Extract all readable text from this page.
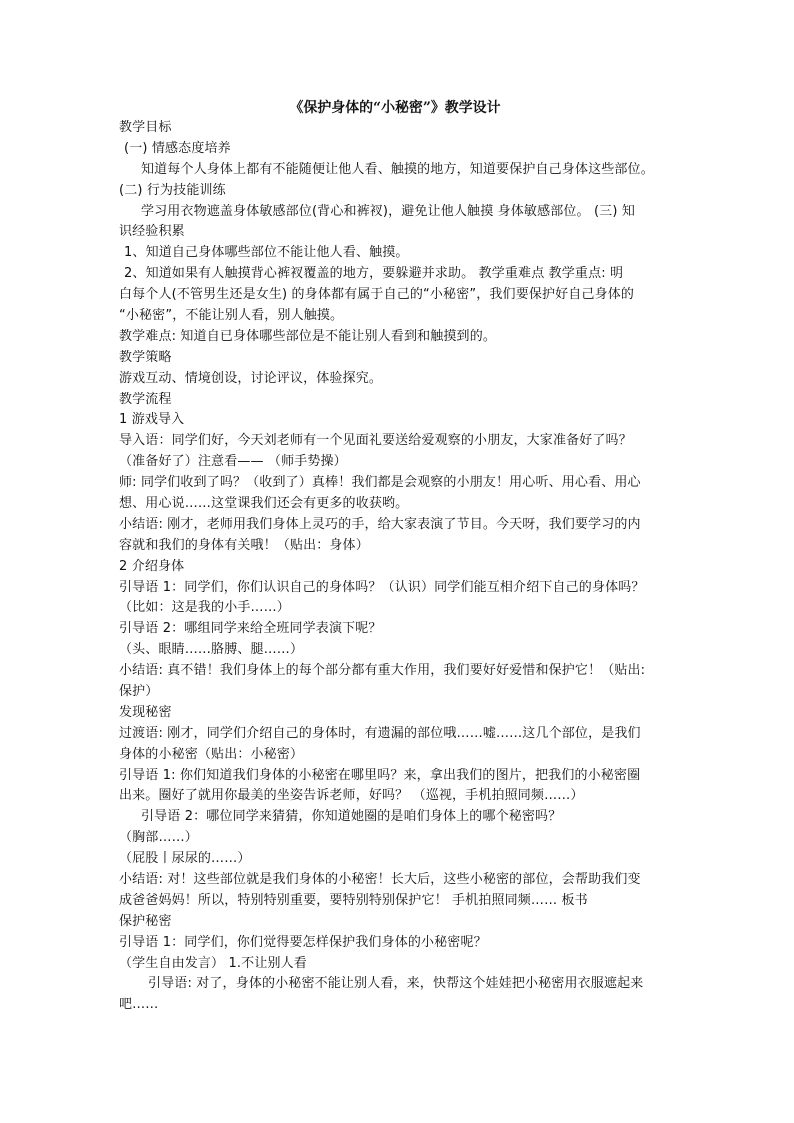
《保护身体的“小秘密”》教学设计
教学目标
(一) 情感态度培养
知道每个人身体上都有不能随便让他人看、触摸的地方，知道要保护自己身体这些部位。
(二) 行为技能训练
学习用衣物遮盖身体敏感部位(背心和裤衩)，避免让他人触摸 身体敏感部位。 (三) 知
识经验积累
1、知道自己身体哪些部位不能让他人看、触摸。
2、知道如果有人触摸背心裤衩覆盖的地方，要躲避并求助。 教学重难点 教学重点: 明
白每个人(不管男生还是女生) 的身体都有属于自己的“小秘密”，我们要保护好自己身体的
“小秘密”，不能让别人看，别人触摸。
教学难点: 知道自已身体哪些部位是不能让别人看到和触摸到的。
教学策略
游戏互动、情境创设，讨论评议，体验探究。
教学流程
1 游戏导入
导入语：同学们好，今天刘老师有一个见面礼要送给爱观察的小朋友，大家准备好了吗？
（准备好了）注意看—— （师手势操）
师: 同学们收到了吗？（收到了）真棒！我们都是会观察的小朋友！用心听、用心看、用心
想、用心说……这堂课我们还会有更多的收获哟。
小结语: 刚才，老师用我们身体上灵巧的手，给大家表演了节目。今天呀，我们要学习的内
容就和我们的身体有关哦！（贴出：身体）
2 介绍身体
引导语 1：同学们，你们认识自己的身体吗？（认识）同学们能互相介绍下自己的身体吗？
（比如：这是我的小手……）
引导语 2：哪组同学来给全班同学表演下呢？
（头、眼睛……胳膊、腿……）
小结语: 真不错！我们身体上的每个部分都有重大作用，我们要好好爱惜和保护它！（贴出:
保护）
发现秘密
过渡语: 刚才，同学们介绍自己的身体时，有遗漏的部位哦……嘘……这几个部位，是我们
身体的小秘密（贴出：小秘密）
引导语 1: 你们知道我们身体的小秘密在哪里吗？来，拿出我们的图片，把我们的小秘密圈
出来。圈好了就用你最美的坐姿告诉老师，好吗？ （巡视，手机拍照同频……）
引导语 2：哪位同学来猜猜，你知道她圈的是咱们身体上的哪个秘密吗？
（胸部……）
（屁股丨尿尿的……）
小结语: 对！这些部位就是我们身体的小秘密！长大后，这些小秘密的部位，会帮助我们变
成爸爸妈妈！所以，特别特别重要，要特别特别保护它！ 手机拍照同频…… 板书
保护秘密
引导语 1：同学们，你们觉得要怎样保护我们身体的小秘密呢？
（学生自由发言） 1.不让别人看
引导语: 对了，身体的小秘密不能让别人看，来，快帮这个娃娃把小秘密用衣服遮起来
吧……
